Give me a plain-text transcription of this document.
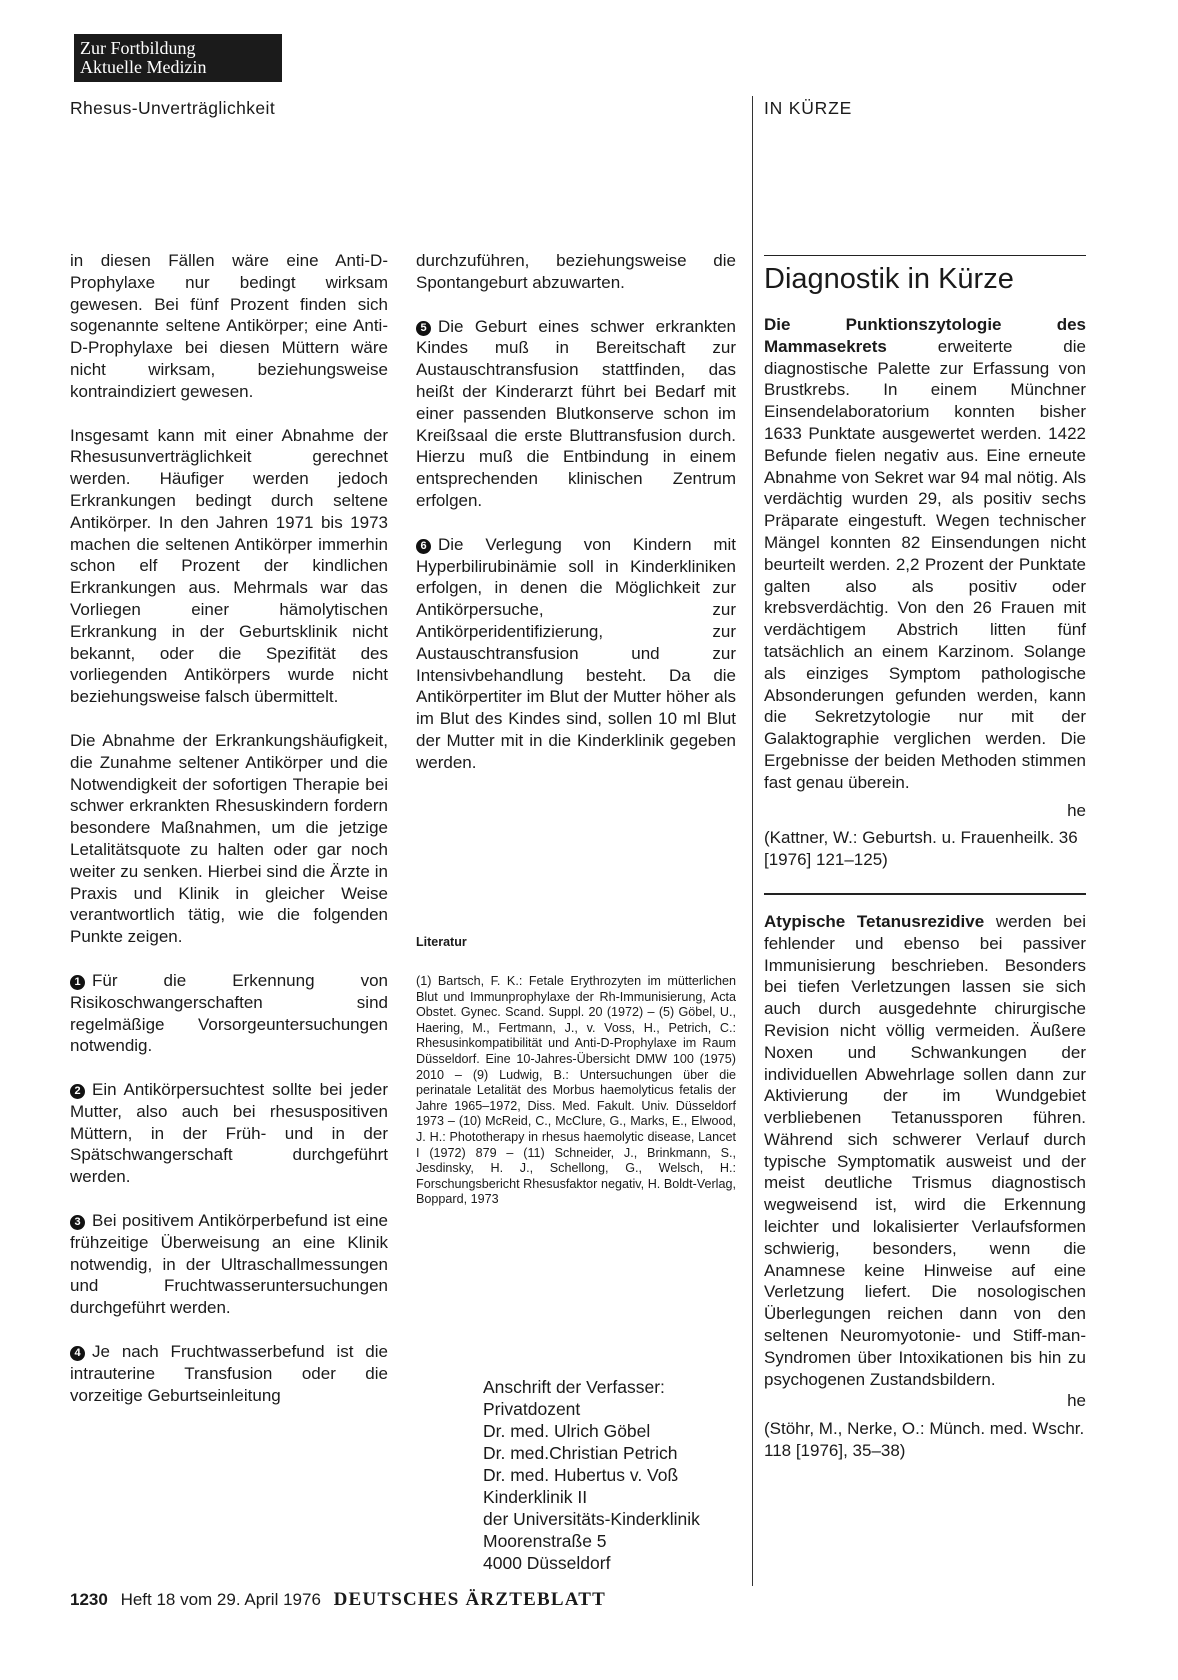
Zur Fortbildung
Aktuelle Medizin
Rhesus-Unverträglichkeit	IN KÜRZE

in diesen Fällen wäre eine Anti-D-Prophylaxe nur bedingt wirksam gewesen. Bei fünf Prozent finden sich sogenannte seltene Antikörper; eine Anti-D-Prophylaxe bei diesen Müttern wäre nicht wirksam, beziehungsweise kontraindiziert gewesen.

Insgesamt kann mit einer Abnahme der Rhesusunverträglichkeit gerechnet werden. Häufiger werden jedoch Erkrankungen bedingt durch seltene Antikörper. In den Jahren 1971 bis 1973 machen die seltenen Antikörper immerhin schon elf Prozent der kindlichen Erkrankungen aus. Mehrmals war das Vorliegen einer hämolytischen Erkrankung in der Geburtsklinik nicht bekannt, oder die Spezifität des vorliegenden Antikörpers wurde nicht beziehungsweise falsch übermittelt.

Die Abnahme der Erkrankungshäufigkeit, die Zunahme seltener Antikörper und die Notwendigkeit der sofortigen Therapie bei schwer erkrankten Rhesuskindern fordern besondere Maßnahmen, um die jetzige Letalitätsquote zu halten oder gar noch weiter zu senken. Hierbei sind die Ärzte in Praxis und Klinik in gleicher Weise verantwortlich tätig, wie die folgenden Punkte zeigen.

1 Für die Erkennung von Risikoschwangerschaften sind regelmäßige Vorsorgeuntersuchungen notwendig.

2 Ein Antikörpersuchtest sollte bei jeder Mutter, also auch bei rhesuspositiven Müttern, in der Früh- und in der Spätschwangerschaft durchgeführt werden.

3 Bei positivem Antikörperbefund ist eine frühzeitige Überweisung an eine Klinik notwendig, in der Ultraschallmessungen und Fruchtwasseruntersuchungen durchgeführt werden.

4 Je nach Fruchtwasserbefund ist die intrauterine Transfusion oder die vorzeitige Geburtseinleitung

durchzuführen, beziehungsweise die Spontangeburt abzuwarten.

5 Die Geburt eines schwer erkrankten Kindes muß in Bereitschaft zur Austauschtransfusion stattfinden, das heißt der Kinderarzt führt bei Bedarf mit einer passenden Blutkonserve schon im Kreißsaal die erste Bluttransfusion durch. Hierzu muß die Entbindung in einem entsprechenden klinischen Zentrum erfolgen.

6 Die Verlegung von Kindern mit Hyperbilirubinämie soll in Kinderkliniken erfolgen, in denen die Möglichkeit zur Antikörpersuche, zur Antikörperidentifizierung, zur Austauschtransfusion und zur Intensivbehandlung besteht. Da die Antikörpertiter im Blut der Mutter höher als im Blut des Kindes sind, sollen 10 ml Blut der Mutter mit in die Kinderklinik gegeben werden.

Literatur
(1) Bartsch, F. K.: Fetale Erythrozyten im mütterlichen Blut und Immunprophylaxe der Rh-Immunisierung, Acta Obstet. Gynec. Scand. Suppl. 20 (1972) – (5) Göbel, U., Haering, M., Fertmann, J., v. Voss, H., Petrich, C.: Rhesusinkompatibilität und Anti-D-Prophylaxe im Raum Düsseldorf. Eine 10-Jahres-Übersicht DMW 100 (1975) 2010 – (9) Ludwig, B.: Untersuchungen über die perinatale Letalität des Morbus haemolyticus fetalis der Jahre 1965–1972, Diss. Med. Fakult. Univ. Düsseldorf 1973 – (10) McReid, C., McClure, G., Marks, E., Elwood, J. H.: Phototherapy in rhesus haemolytic disease, Lancet I (1972) 879 – (11) Schneider, J., Brinkmann, S., Jesdinsky, H. J., Schellong, G., Welsch, H.: Forschungsbericht Rhesusfaktor negativ, H. Boldt-Verlag, Boppard, 1973
Anschrift der Verfasser:
Privatdozent
Dr. med. Ulrich Göbel
Dr. med.Christian Petrich
Dr. med. Hubertus v. Voß
Kinderklinik II
der Universitäts-Kinderklinik
Moorenstraße 5
4000 Düsseldorf
Diagnostik in Kürze

Die Punktionszytologie des Mammasekrets	erweiterte die diagnostische Palette zur Erfassung von Brustkrebs. In einem Münchner Einsendelaboratorium konnten bisher 1633 Punktate ausgewertet werden. 1422 Befunde fielen negativ aus. Eine erneute Abnahme von Sekret war 94 mal nötig. Als verdächtig wurden 29, als positiv sechs Präparate eingestuft. Wegen technischer Mängel konnten 82 Einsendungen nicht beurteilt werden. 2,2 Prozent der Punktate galten also als positiv oder krebsverdächtig. Von den 26 Frauen mit verdächtigem Abstrich litten fünf tatsächlich an einem Karzinom. Solange als einziges Symptom pathologische Absonderungen gefunden werden, kann die Sekretzytologie nur mit der Galaktographie verglichen werden. Die Ergebnisse der beiden Methoden stimmen fast genau überein.

he

(Kattner, W.: Geburtsh. u. Frauenheilk. 36 [1976] 121–125)

Atypische Tetanusrezidive werden bei fehlender und ebenso bei passiver Immunisierung beschrieben. Besonders bei tiefen Verletzungen lassen sie sich auch durch ausgedehnte chirurgische Revision nicht völlig vermeiden. Äußere Noxen und Schwankungen der individuellen Abwehrlage sollen dann zur Aktivierung der im Wundgebiet verbliebenen Tetanussporen führen. Während sich schwerer Verlauf durch typische Symptomatik ausweist und der meist deutliche Trismus diagnostisch wegweisend ist, wird die Erkennung leichter und lokalisierter Verlaufsformen schwierig, besonders, wenn die Anamnese keine Hinweise auf eine Verletzung liefert. Die nosologischen Überlegungen reichen dann von den seltenen Neuromyotonie- und Stiff-man-Syndromen über Intoxikationen bis hin zu psychogenen Zustandsbildern.

he

(Stöhr, M., Nerke, O.: Münch. med. Wschr. 118 [1976], 35–38)

1230 Heft 18 vom 29. April 1976 DEUTSCHES ÄRZTEBLATT
